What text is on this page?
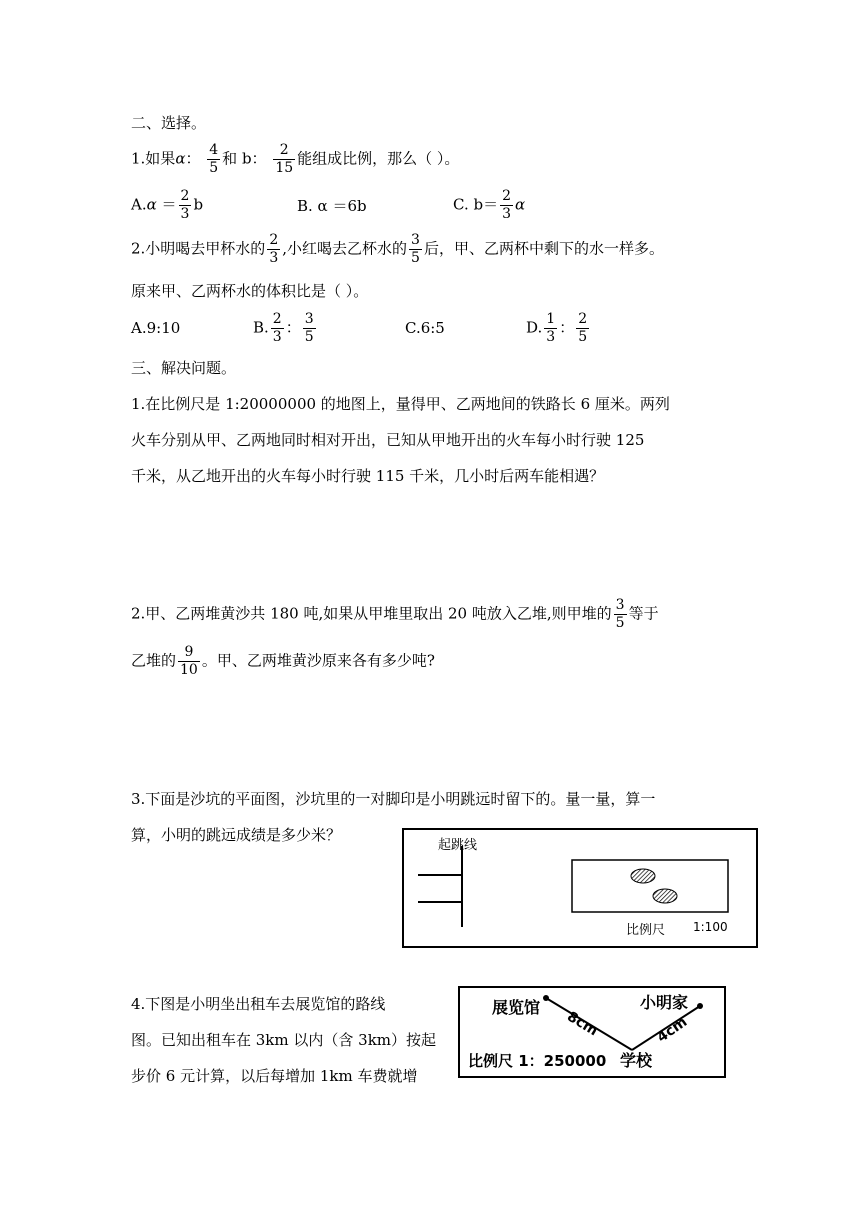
二、选择。
1.如果α： $\frac{4}{5}$ 和 b： $\frac{2}{15}$ 能组成比例，那么（ ）。
$A.\alpha = \frac{2}{3}$ b	B. α ＝6b	C. $b= \frac{2}{3}$ α
2.小明喝去甲杯水的 $\frac{2}{3}$ ,小红喝去乙杯水的 $\frac{3}{5}$ 后，甲、乙两杯中剩下的水一样多。
原来甲、乙两杯水的体积比是（ ）。
A.9:10	B. $\frac{2}{3}$ ： $\frac{3}{5}$	C.6:5	D. $\frac{1}{3}$ ： $\frac{2}{5}$
三、解决问题。
1.在比例尺是 1:20000000 的地图上，量得甲、乙两地间的铁路长 6 厘米。两列
火车分别从甲、乙两地同时相对开出，已知从甲地开出的火车每小时行驶 125
千米，从乙地开出的火车每小时行驶 115 千米，几小时后两车能相遇？
2.甲、乙两堆黄沙共 180 吨,如果从甲堆里取出 20 吨放入乙堆,则甲堆的 $\frac{3}{5}$ 等于
乙堆的 $\frac{9}{10}$ 。甲、乙两堆黄沙原来各有多少吨?
3.下面是沙坑的平面图，沙坑里的一对脚印是小明跳远时留下的。量一量，算一
算，小明的跳远成绩是多少米？
起跳线
比例尺 1:100
4.下图是小明坐出租车去展览馆的路线
图。已知出租车在 3km 以内（含 3km）按起
步价 6 元计算，以后每增加 1km 车费就增
展览馆	小明家
8cm	4cm
学校
比例尺 1：250000
